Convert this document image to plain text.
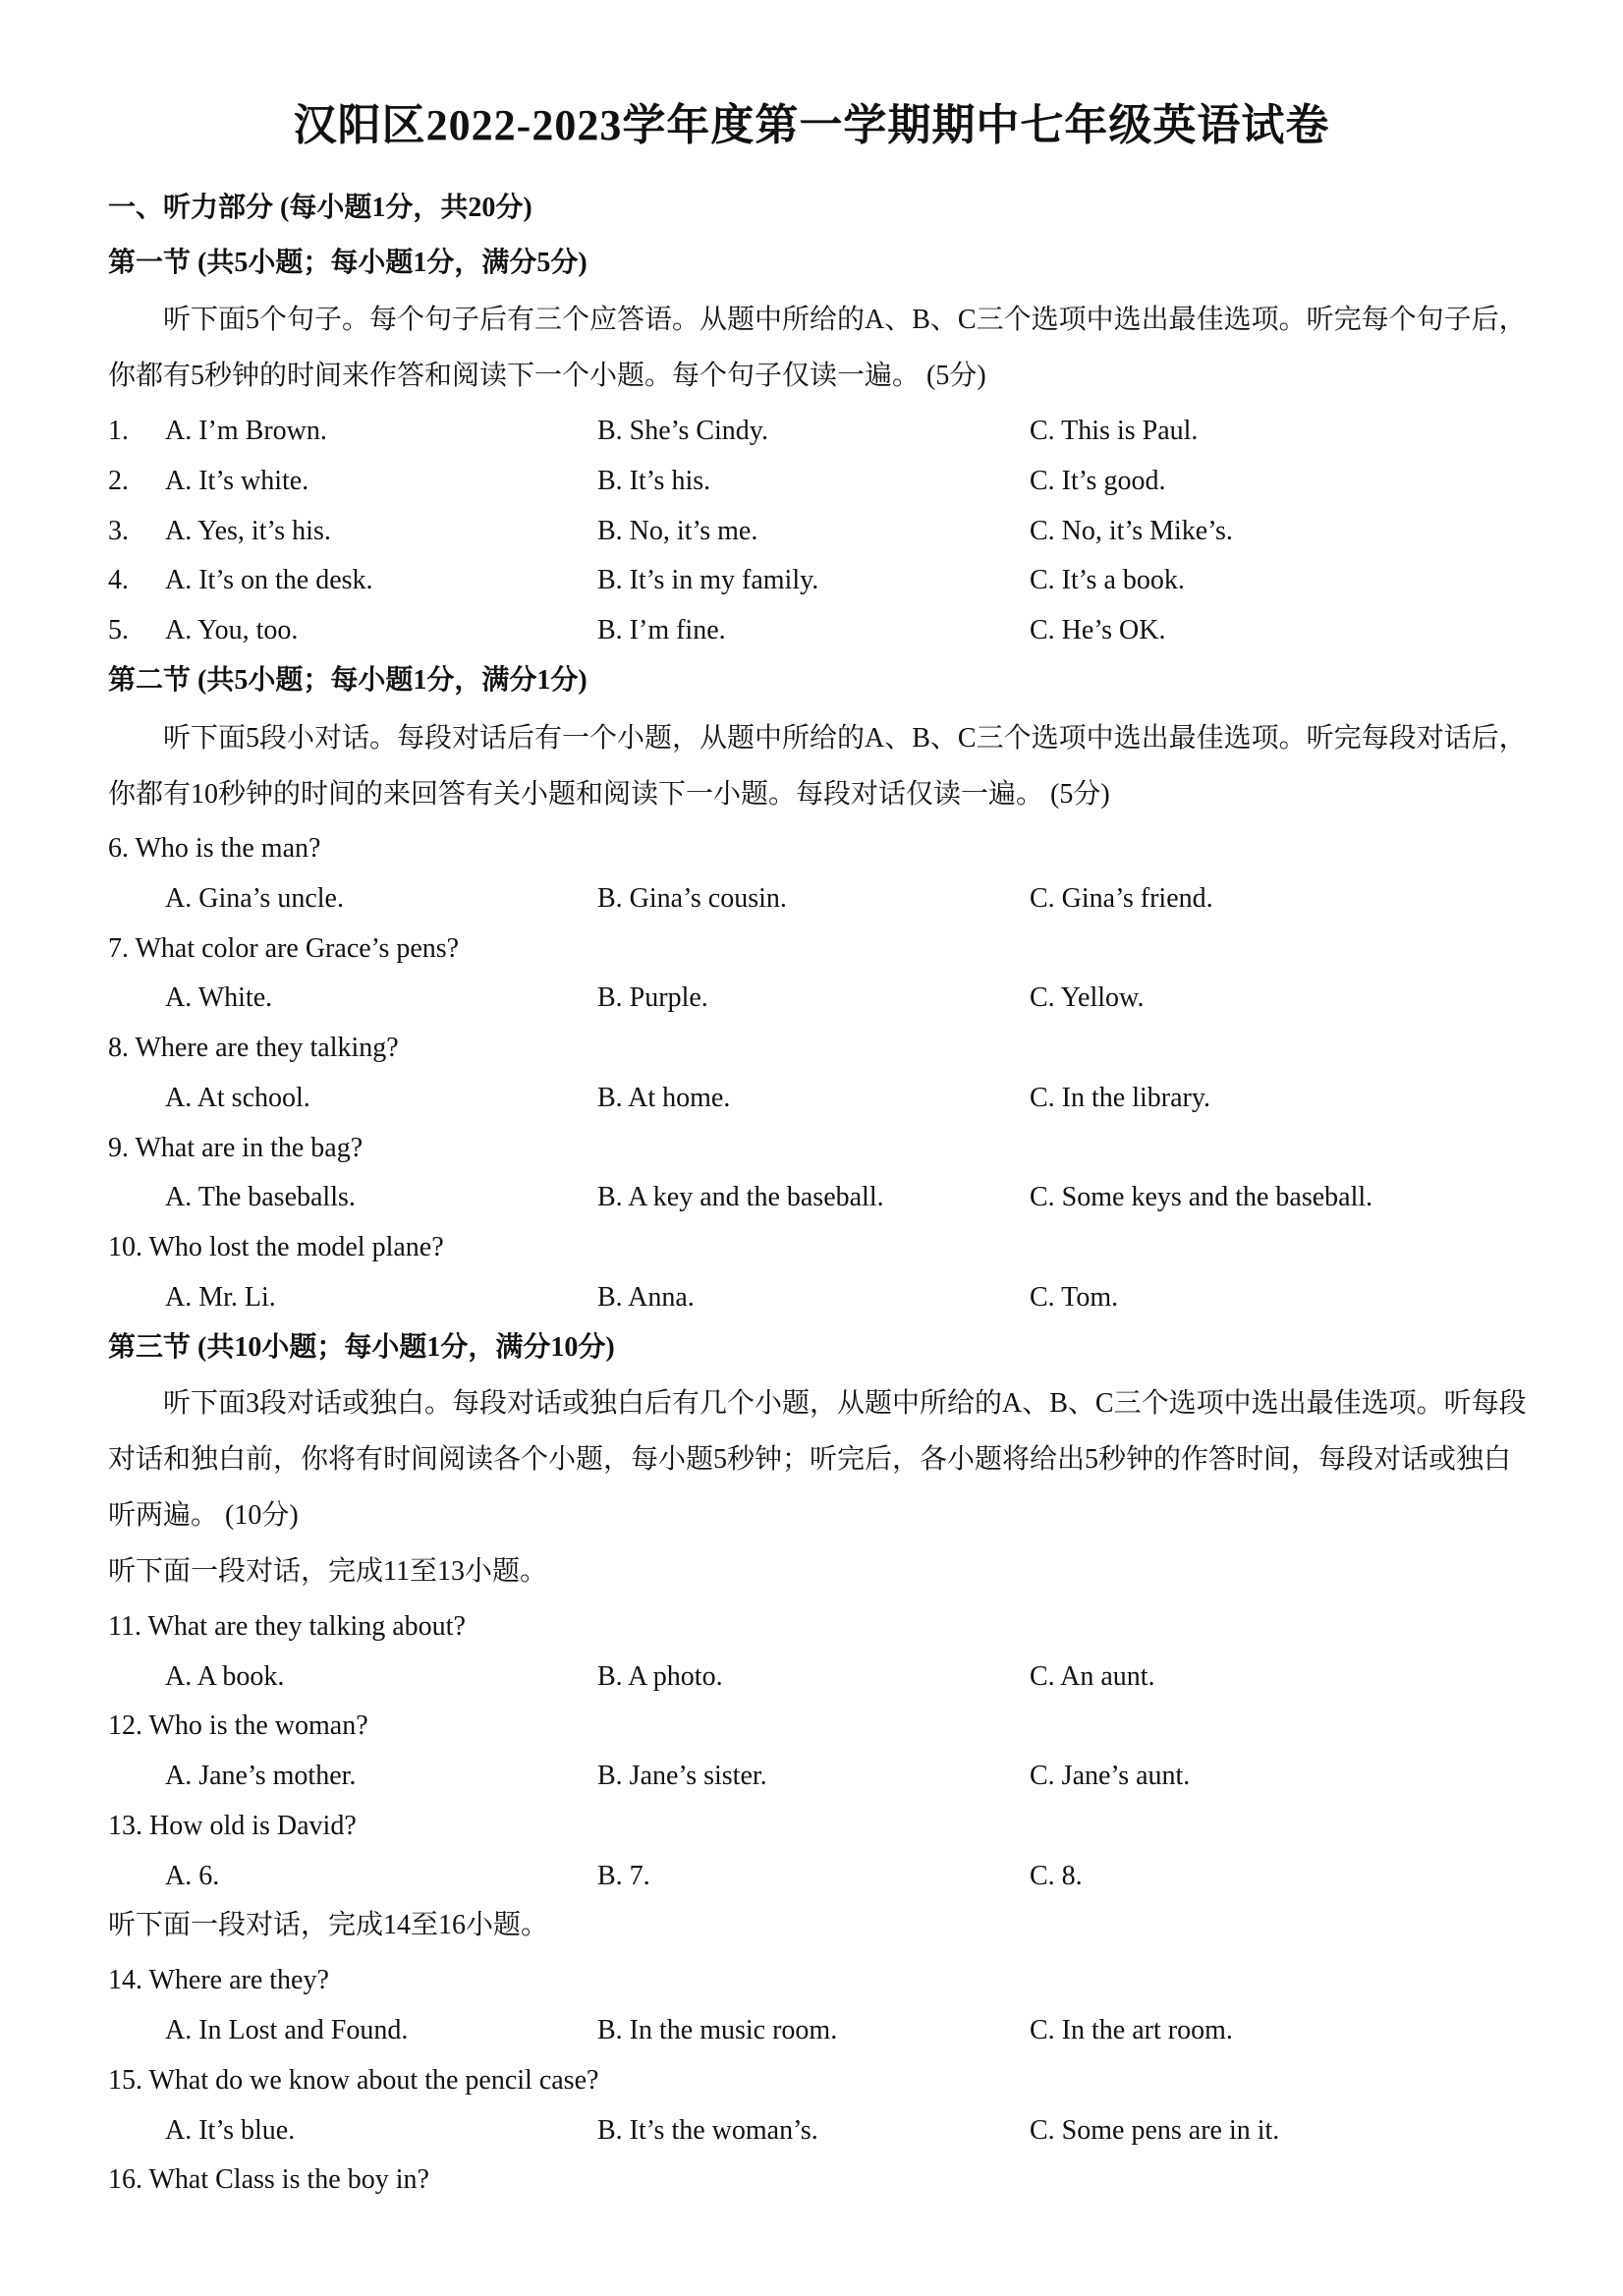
汉阳区2022-2023学年度第一学期期中七年级英语试卷
一、听力部分 (每小题1分，共20分)
第一节 (共5小题；每小题1分，满分5分)
听下面5个句子。每个句子后有三个应答语。从题中所给的A、B、C三个选项中选出最佳选项。听完每个句子后，你都有5秒钟的时间来作答和阅读下一个小题。每个句子仅读一遍。 (5分)
1. A. I’m Brown.	B. She’s Cindy.	C. This is Paul.
2. A. It’s white.	B. It’s his.	C. It’s good.
3. A. Yes, it’s his.	B. No, it’s me.	C. No, it’s Mike’s.
4. A. It’s on the desk.	B. It’s in my family.	C. It’s a book.
5. A. You, too.	B. I’m fine.	C. He’s OK.
第二节 (共5小题；每小题1分，满分1分)
听下面5段小对话。每段对话后有一个小题，从题中所给的A、B、C三个选项中选出最佳选项。听完每段对话后，你都有10秒钟的时间的来回答有关小题和阅读下一小题。每段对话仅读一遍。 (5分)
6. Who is the man?
A. Gina’s uncle.	B. Gina’s cousin.	C. Gina’s friend.
7. What color are Grace’s pens?
A. White.	B. Purple.	C. Yellow.
8. Where are they talking?
A. At school.	B. At home.	C. In the library.
9. What are in the bag?
A. The baseballs.	B. A key and the baseball.	C. Some keys and the baseball.
10. Who lost the model plane?
A. Mr. Li.	B. Anna.	C. Tom.
第三节 (共10小题；每小题1分，满分10分)
听下面3段对话或独白。每段对话或独白后有几个小题，从题中所给的A、B、C三个选项中选出最佳选项。听每段对话和独白前，你将有时间阅读各个小题，每小题5秒钟；听完后，各小题将给出5秒钟的作答时间，每段对话或独白听两遍。 (10分)
听下面一段对话，完成11至13小题。
11. What are they talking about?
A. A book.	B. A photo.	C. An aunt.
12. Who is the woman?
A. Jane’s mother.	B. Jane’s sister.	C. Jane’s aunt.
13. How old is David?
A. 6.	B. 7.	C. 8.
听下面一段对话，完成14至16小题。
14. Where are they?
A. In Lost and Found.	B. In the music room.	C. In the art room.
15. What do we know about the pencil case?
A. It’s blue.	B. It’s the woman’s.	C. Some pens are in it.
16. What Class is the boy in?
